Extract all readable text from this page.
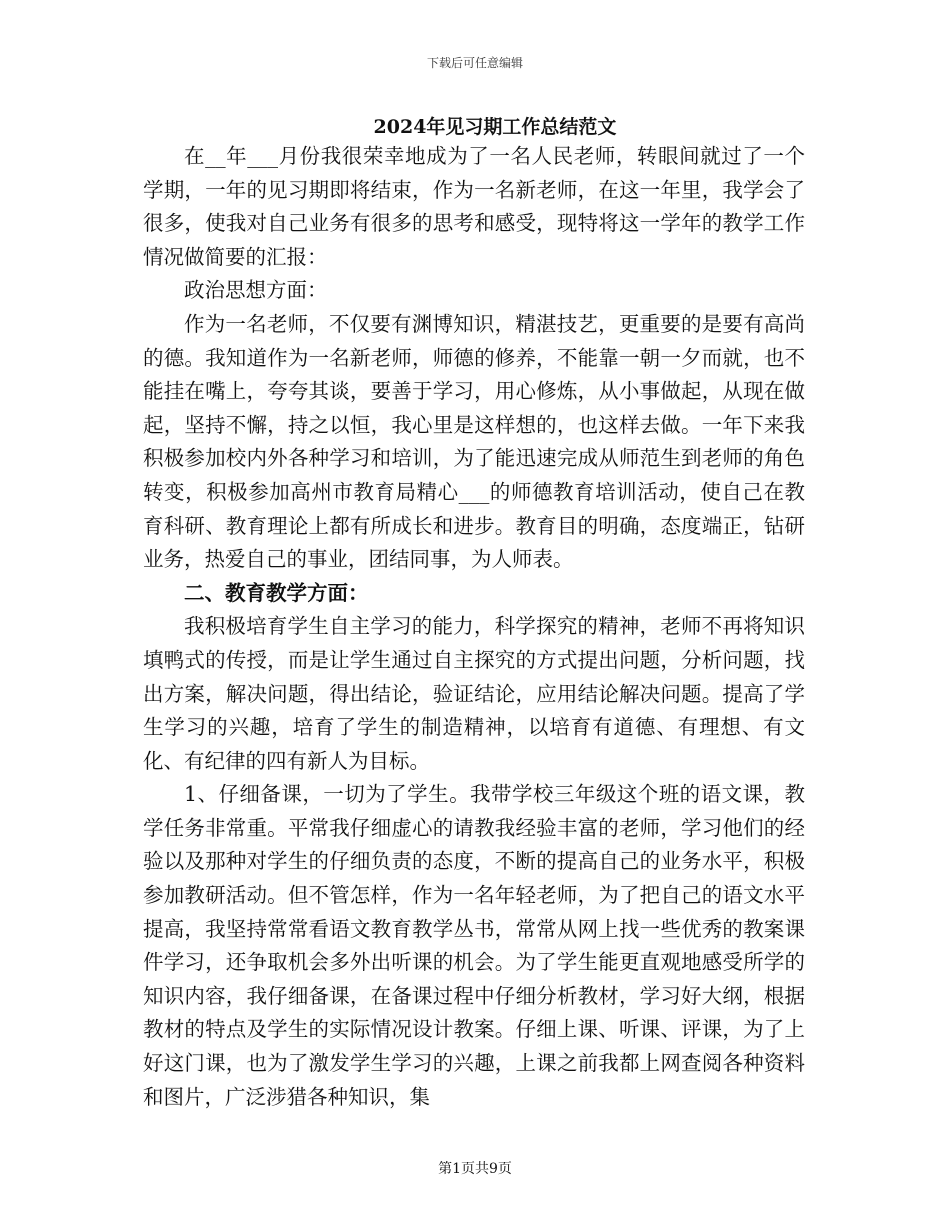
下载后可任意编辑
2024年见习期工作总结范文

在__年___月份我很荣幸地成为了一名人民老师，转眼间就过了一个学期，一年的见习期即将结束，作为一名新老师，在这一年里，我学会了很多，使我对自己业务有很多的思考和感受，现特将这一学年的教学工作情况做简要的汇报：

政治思想方面：

作为一名老师，不仅要有渊博知识，精湛技艺，更重要的是要有高尚的德。我知道作为一名新老师，师德的修养，不能靠一朝一夕而就，也不能挂在嘴上，夸夸其谈，要善于学习，用心修炼，从小事做起，从现在做起，坚持不懈，持之以恒，我心里是这样想的，也这样去做。一年下来我积极参加校内外各种学习和培训，为了能迅速完成从师范生到老师的角色转变，积极参加高州市教育局精心___的师德教育培训活动，使自己在教育科研、教育理论上都有所成长和进步。教育目的明确，态度端正，钻研业务，热爱自己的事业，团结同事，为人师表。

二、教育教学方面：

我积极培育学生自主学习的能力，科学探究的精神，老师不再将知识填鸭式的传授，而是让学生通过自主探究的方式提出问题，分析问题，找出方案，解决问题，得出结论，验证结论，应用结论解决问题。提高了学生学习的兴趣，培育了学生的制造精神，以培育有道德、有理想、有文化、有纪律的四有新人为目标。

1、仔细备课，一切为了学生。我带学校三年级这个班的语文课，教学任务非常重。平常我仔细虚心的请教我经验丰富的老师，学习他们的经验以及那种对学生的仔细负责的态度，不断的提高自己的业务水平，积极参加教研活动。但不管怎样，作为一名年轻老师，为了把自己的语文水平提高，我坚持常常看语文教育教学丛书，常常从网上找一些优秀的教案课件学习，还争取机会多外出听课的机会。为了学生能更直观地感受所学的知识内容，我仔细备课，在备课过程中仔细分析教材，学习好大纲，根据教材的特点及学生的实际情况设计教案。仔细上课、听课、评课，为了上好这门课，也为了激发学生学习的兴趣，上课之前我都上网查阅各种资料和图片，广泛涉猎各种知识，集

第1页共9页
